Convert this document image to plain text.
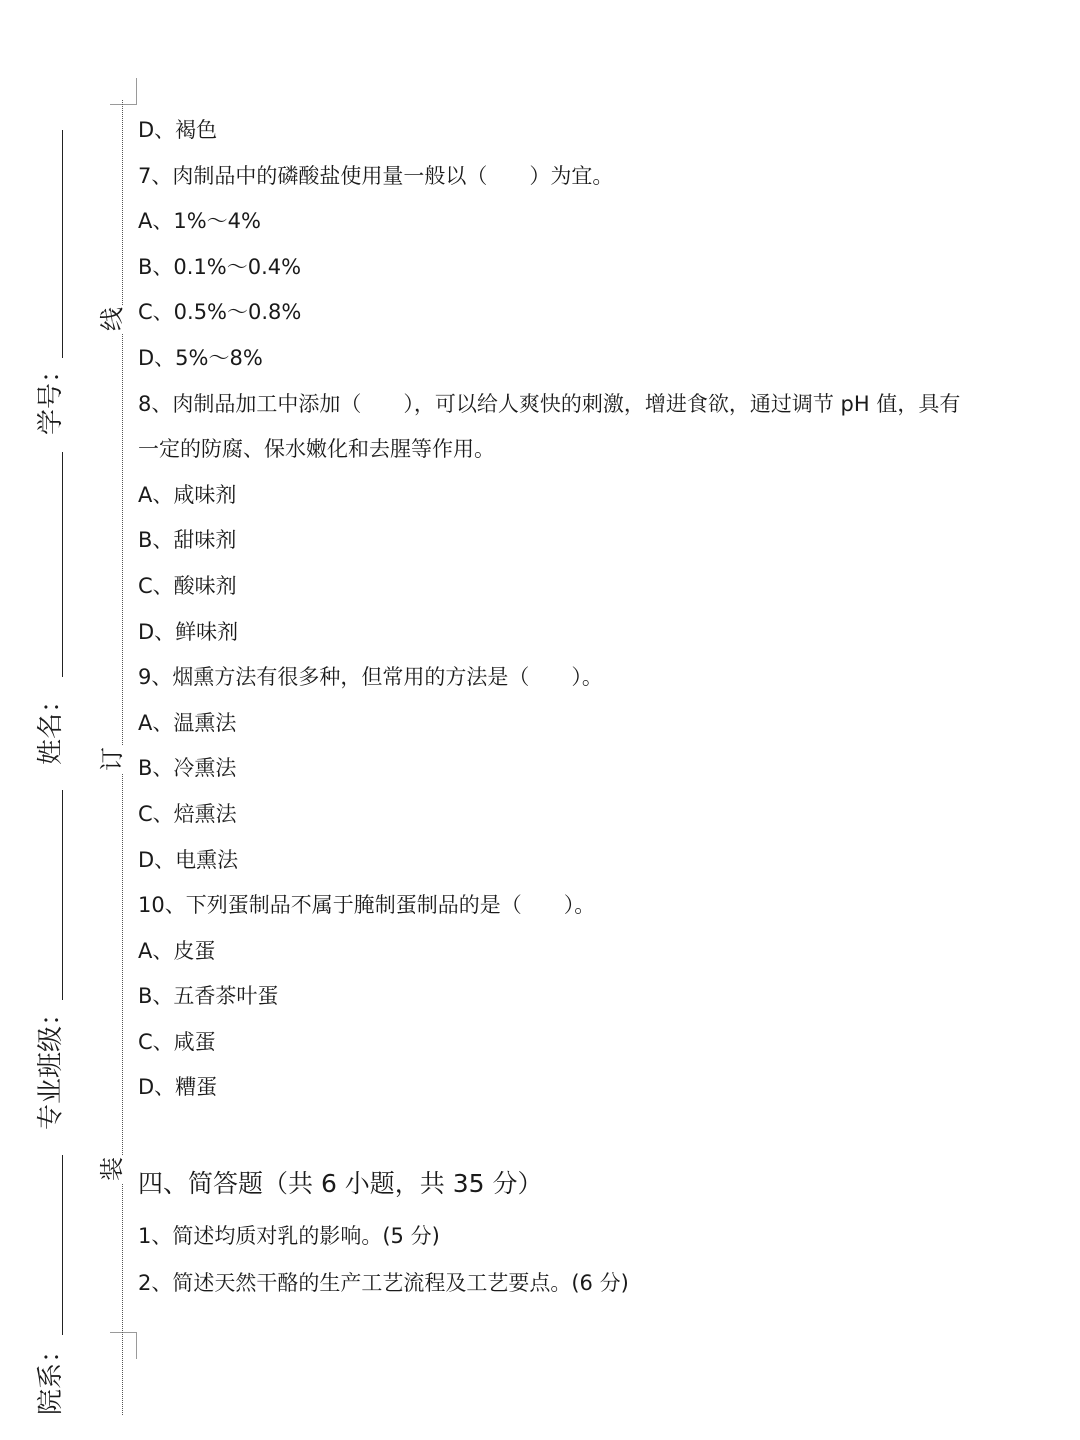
线
订
装
学号：
姓名：
专业班级：
院系：
D、褐色
7、肉制品中的磷酸盐使用量一般以（　　）为宜。
A、1%～4%
B、0.1%～0.4%
C、0.5%～0.8%
D、5%～8%
8、肉制品加工中添加（　　），可以给人爽快的刺激，增进食欲，通过调节 pH 值，具有
一定的防腐、保水嫩化和去腥等作用。
A、咸味剂
B、甜味剂
C、酸味剂
D、鲜味剂
9、烟熏方法有很多种，但常用的方法是（　　）。
A、温熏法
B、冷熏法
C、焙熏法
D、电熏法
10、下列蛋制品不属于腌制蛋制品的是（　　）。
A、皮蛋
B、五香茶叶蛋
C、咸蛋
D、糟蛋
四、简答题（共 6 小题，共 35 分）
1、简述均质对乳的影响。(5 分)
2、简述天然干酪的生产工艺流程及工艺要点。(6 分)
